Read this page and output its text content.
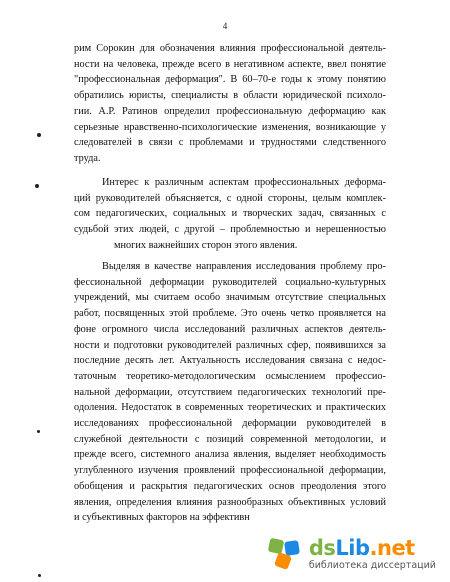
4
рим Сорокин для обозначения влияния профессиональной деятель-
ности на человека, прежде всего в негативном аспекте, ввел понятие
"профессиональная деформация". В 60–70-е годы к этому понятию
обратились юристы, специалисты в области юридической психоло-
гии. А.Р. Ратинов определил профессиональную деформацию как
серьезные нравственно-психологические изменения, возникающие у
следователей в связи с проблемами и трудностями следственного
труда.
Интерес к различным аспектам профессиональных деформа-
ций руководителей объясняется, с одной стороны, целым комплек-
сом педагогических, социальных и творческих задач, связанных с
судьбой этих людей, с другой – проблемностью и нерешенностью
многих важнейших сторон этого явления.
Выделяя в качестве направления исследования проблему про-
фессиональной деформации руководителей социально-культурных
учреждений, мы считаем особо значимым отсутствие специальных
работ, посвященных этой проблеме. Это очень четко проявляется на
фоне огромного числа исследований различных аспектов деятель-
ности и подготовки руководителей различных сфер, появившихся за
последние десять лет. Актуальность исследования связана с недос-
таточным теоретико-методологическим осмыслением профессио-
нальной деформации, отсутствием педагогических технологий пре-
одоления. Недостаток в современных теоретических и практических
исследованиях профессиональной деформации руководителей в
служебной деятельности с позиций современной методологии, и
прежде всего, системного анализа явления, выделяет необходимость
углубленного изучения проявлений профессиональной деформации,
обобщения и раскрытия педагогических основ преодоления этого
явления, определения влияния разнообразных объективных условий
и субъективных факторов на эффективн
dsLib.net
библиотека диссертаций
